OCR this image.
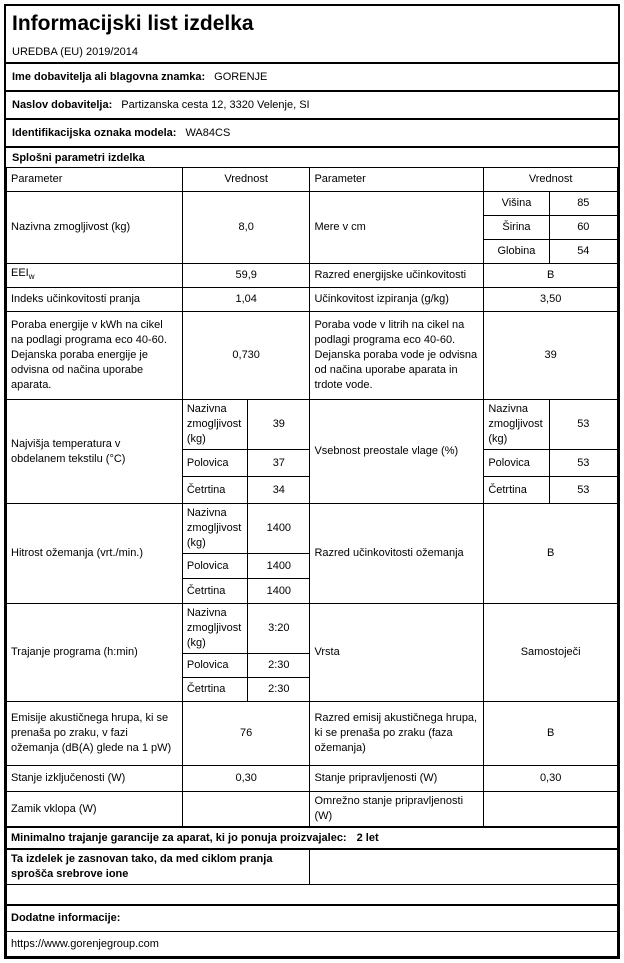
Informacijski list izdelka
UREDBA (EU) 2019/2014
Ime dobavitelja ali blagovna znamka: GORENJE
Naslov dobavitelja: Partizanska cesta 12, 3320 Velenje, SI
Identifikacijska oznaka modela: WA84CS
Splošni parametri izdelka
Parameter	Vrednost		Parameter	Vrednost	
Nazivna zmogljivost (kg)	8,0		Mere v cm	Višina	85
				Širina	60
				Globina	54
$EEI_w$	59,9		Razred energijske učinkovitosti	B	
Indeks učinkovitosti pranja	1,04		Učinkovitost izpiranja (g/kg)	3,50	
Poraba energije v kWh na cikel na podlagi programa eco 40-60. Dejanska poraba energije je odvisna od načina uporabe aparata.	0,730		Poraba vode v litrih na cikel na podlagi programa eco 40-60. Dejanska poraba vode je odvisna od načina uporabe aparata in trdote vode.	39	
Najvišja temperatura v obdelanem tekstilu (°C)	Nazivna zmogljivost (kg)	39	Vsebnost preostale vlage (%)	Nazivna zmogljivost (kg)	53
	Polovica	37		Polovica	53
	Četrtina	34		Četrtina	53
Hitrost ožemanja (vrt./min.)	Nazivna zmogljivost (kg)	1400	Razred učinkovitosti ožemanja	B	
	Polovica	1400			
	Četrtina	1400			
Trajanje programa (h:min)	Nazivna zmogljivost (kg)	3:20	Vrsta	Samostoječi	
	Polovica	2:30			
	Četrtina	2:30			
Emisije akustičnega hrupa, ki se prenaša po zraku, v fazi ožemanja (dB(A) glede na 1 pW)	76		Razred emisij akustičnega hrupa, ki se prenaša po zraku (faza ožemanja)	B	
Stanje izključenosti (W)	0,30		Stanje pripravljenosti (W)	0,30	
Zamik vklopa (W)			Omrežno stanje pripravljenosti (W)		
Minimalno trajanje garancije za aparat, ki jo ponuja proizvajalec: 2 let					
Ta izdelek je zasnovan tako, da med ciklom pranja sprošča srebrove ione					

Dodatne informacije:					
https://www.gorenjegroup.com					
